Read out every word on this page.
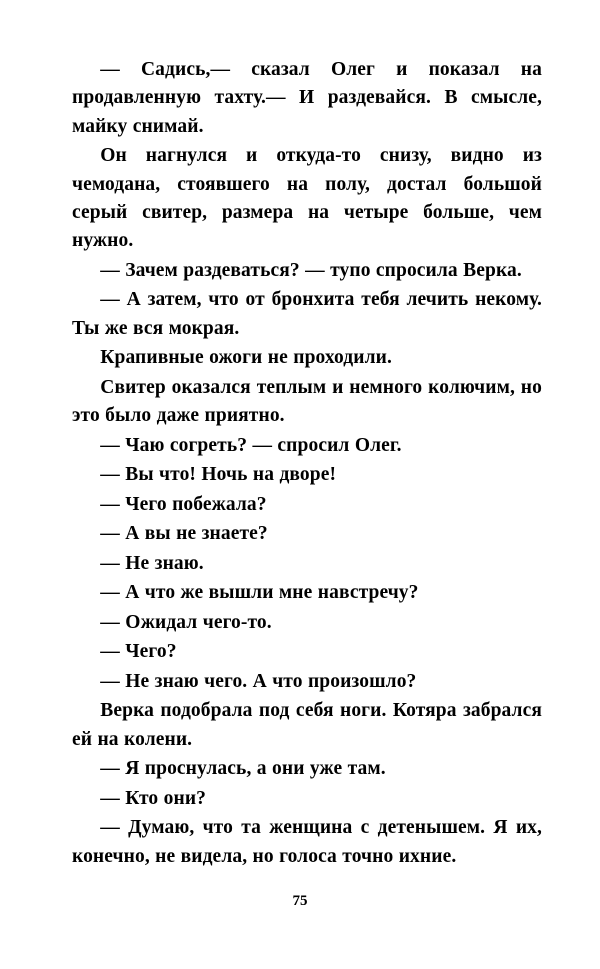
— Садись,— сказал Олег и показал на продавленную тахту.— И раздевайся. В смысле, майку снимай.

Он нагнулся и откуда-то снизу, видно из чемодана, стоявшего на полу, достал большой серый свитер, размера на четыре больше, чем нужно.

— Зачем раздеваться? — тупо спросила Верка.

— А затем, что от бронхита тебя лечить некому. Ты же вся мокрая.

Крапивные ожоги не проходили.

Свитер оказался теплым и немного колючим, но это было даже приятно.

— Чаю согреть? — спросил Олег.

— Вы что! Ночь на дворе!

— Чего побежала?

— А вы не знаете?

— Не знаю.

— А что же вышли мне навстречу?

— Ожидал чего-то.

— Чего?

— Не знаю чего. А что произошло?

Верка подобрала под себя ноги. Котяра забрался ей на колени.

— Я проснулась, а они уже там.

— Кто они?

— Думаю, что та женщина с детенышем. Я их, конечно, не видела, но голоса точно ихние.

75
